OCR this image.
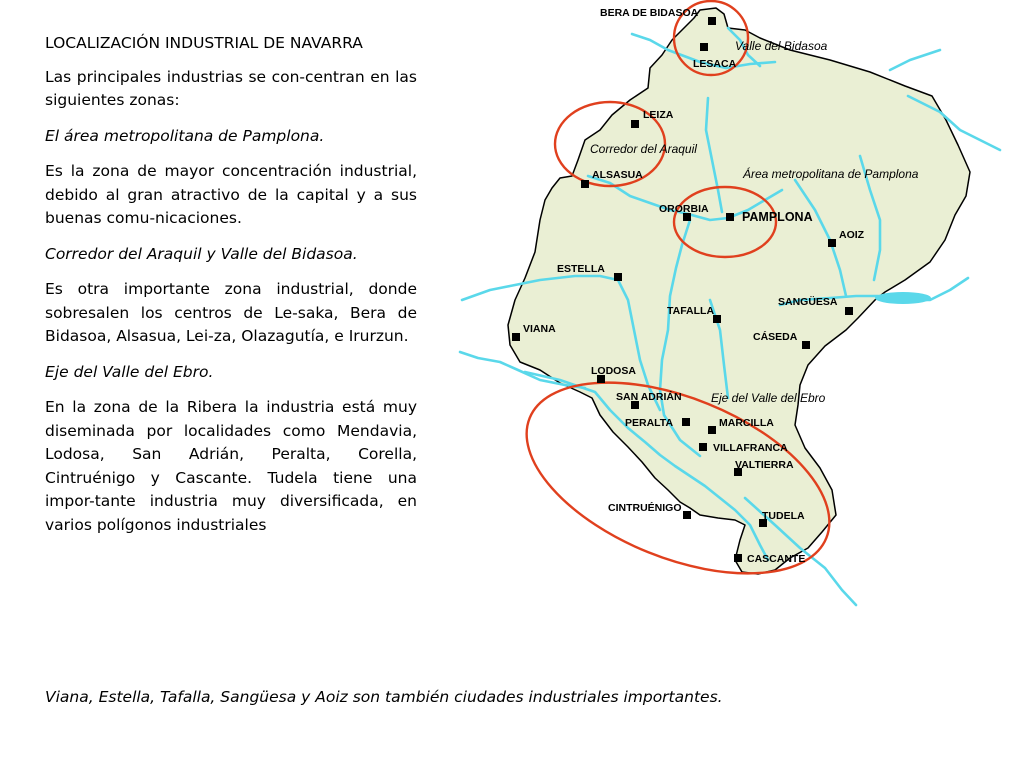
LOCALIZACIÓN INDUSTRIAL DE NAVARRA

Las principales industrias se con-centran en las siguientes zonas:

El área metropolitana de Pamplona.

Es la zona de mayor concentración industrial, debido al gran atractivo de la capital y a sus buenas comu-nicaciones.

Corredor del Araquil y Valle del Bidasoa.

Es otra importante zona industrial, donde sobresalen los centros de Le-saka, Bera de Bidasoa, Alsasua, Lei-za, Olazagutía, e Irurzun.

Eje del Valle del Ebro.

En la zona de la Ribera la industria está muy diseminada por localidades como Mendavia, Lodosa, San Adrián, Peralta, Corella, Cintruénigo y Cascante. Tudela tiene una impor-tante industria muy diversificada, en varios polígonos industriales

Viana, Estella, Tafalla, Sangüesa y Aoiz son también ciudades industriales importantes.
BERA DE BIDASOA
LESACA
LEIZA
ALSASUA
ORORBIA
PAMPLONA
AOIZ
ESTELLA
SANGÜESA
TAFALLA
VIANA
CÁSEDA
LODOSA
SAN ADRIÁN
PERALTA	MARCILLA
VILLAFRANCA
VALTIERRA
CINTRUÉNIGO
TUDELA
CASCANTE
Valle del Bidasoa
Corredor del Araquil
Área metropolitana de Pamplona
Eje del Valle del Ebro
